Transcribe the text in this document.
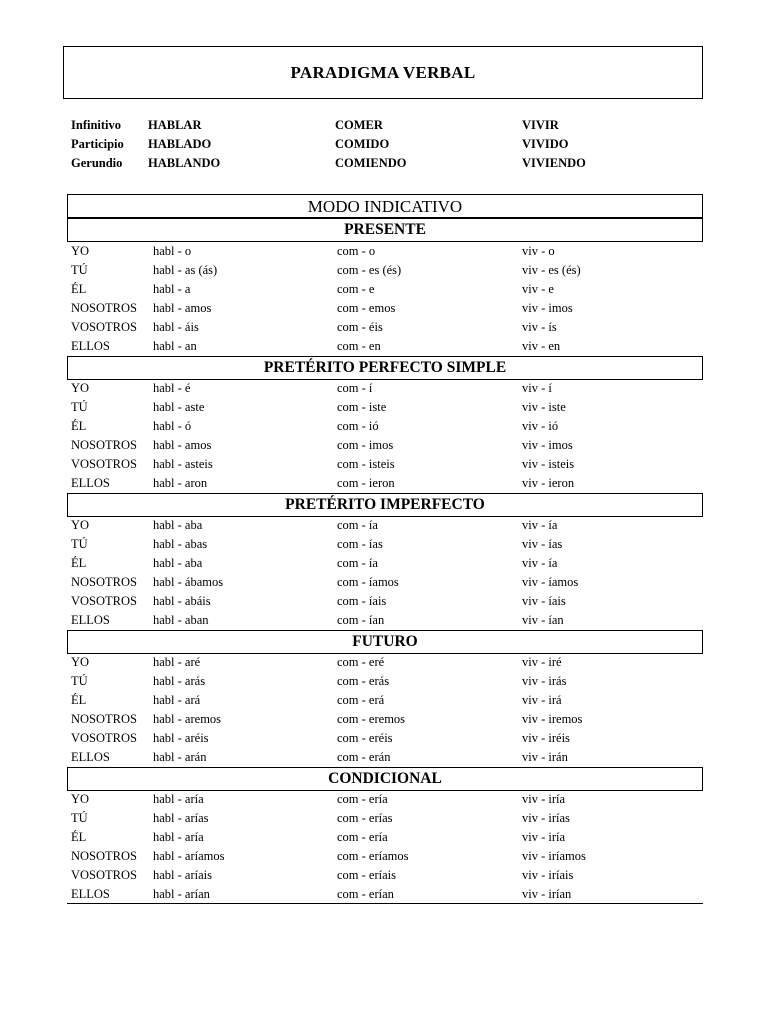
PARADIGMA VERBAL
Infinitivo HABLAR	COMER	VIVIR
Participio HABLADO	COMIDO	VIVIDO
Gerundio HABLANDO	COMIENDO	VIVIENDO
MODO INDICATIVO
PRESENTE
YO	habl - o	com - o	viv - o
TÚ	habl - as (ás)	com - es (és)	viv - es (és)
ÉL	habl - a	com - e	viv - e
NOSOTROS habl - amos	com - emos	viv - imos
VOSOTROS habl - áis	com - éis	viv - ís
ELLOS	habl - an	com - en	viv - en
PRETÉRITO PERFECTO SIMPLE
YO	habl - é	com - í	viv - í
TÚ	habl - aste	com - iste	viv - iste
ÉL	habl - ó	com - ió	viv - ió
NOSOTROS habl - amos	com - imos	viv - imos
VOSOTROS habl - asteis	com - isteis	viv - isteis
ELLOS	habl - aron	com - ieron	viv - ieron
PRETÉRITO IMPERFECTO
YO	habl - aba	com - ía	viv - ía
TÚ	habl - abas	com - ías	viv - ías
ÉL	habl - aba	com - ía	viv - ía
NOSOTROS habl - ábamos	com - íamos	viv - íamos
VOSOTROS habl - abáis	com - íais	viv - íais
ELLOS	habl - aban	com - ían	viv - ían
FUTURO
YO	habl - aré	com - eré	viv - iré
TÚ	habl - arás	com - erás	viv - irás
ÉL	habl - ará	com - erá	viv - irá
NOSOTROS habl - aremos	com - eremos	viv - iremos
VOSOTROS habl - aréis	com - eréis	viv - iréis
ELLOS	habl - arán	com - erán	viv - irán
CONDICIONAL
YO	habl - aría	com - ería	viv - iría
TÚ	habl - arías	com - erías	viv - irías
ÉL	habl - aría	com - ería	viv - iría
NOSOTROS habl - aríamos	com - eríamos	viv - iríamos
VOSOTROS habl - aríais	com - eríais	viv - iríais
ELLOS	habl - arían	com - erían	viv - irían
